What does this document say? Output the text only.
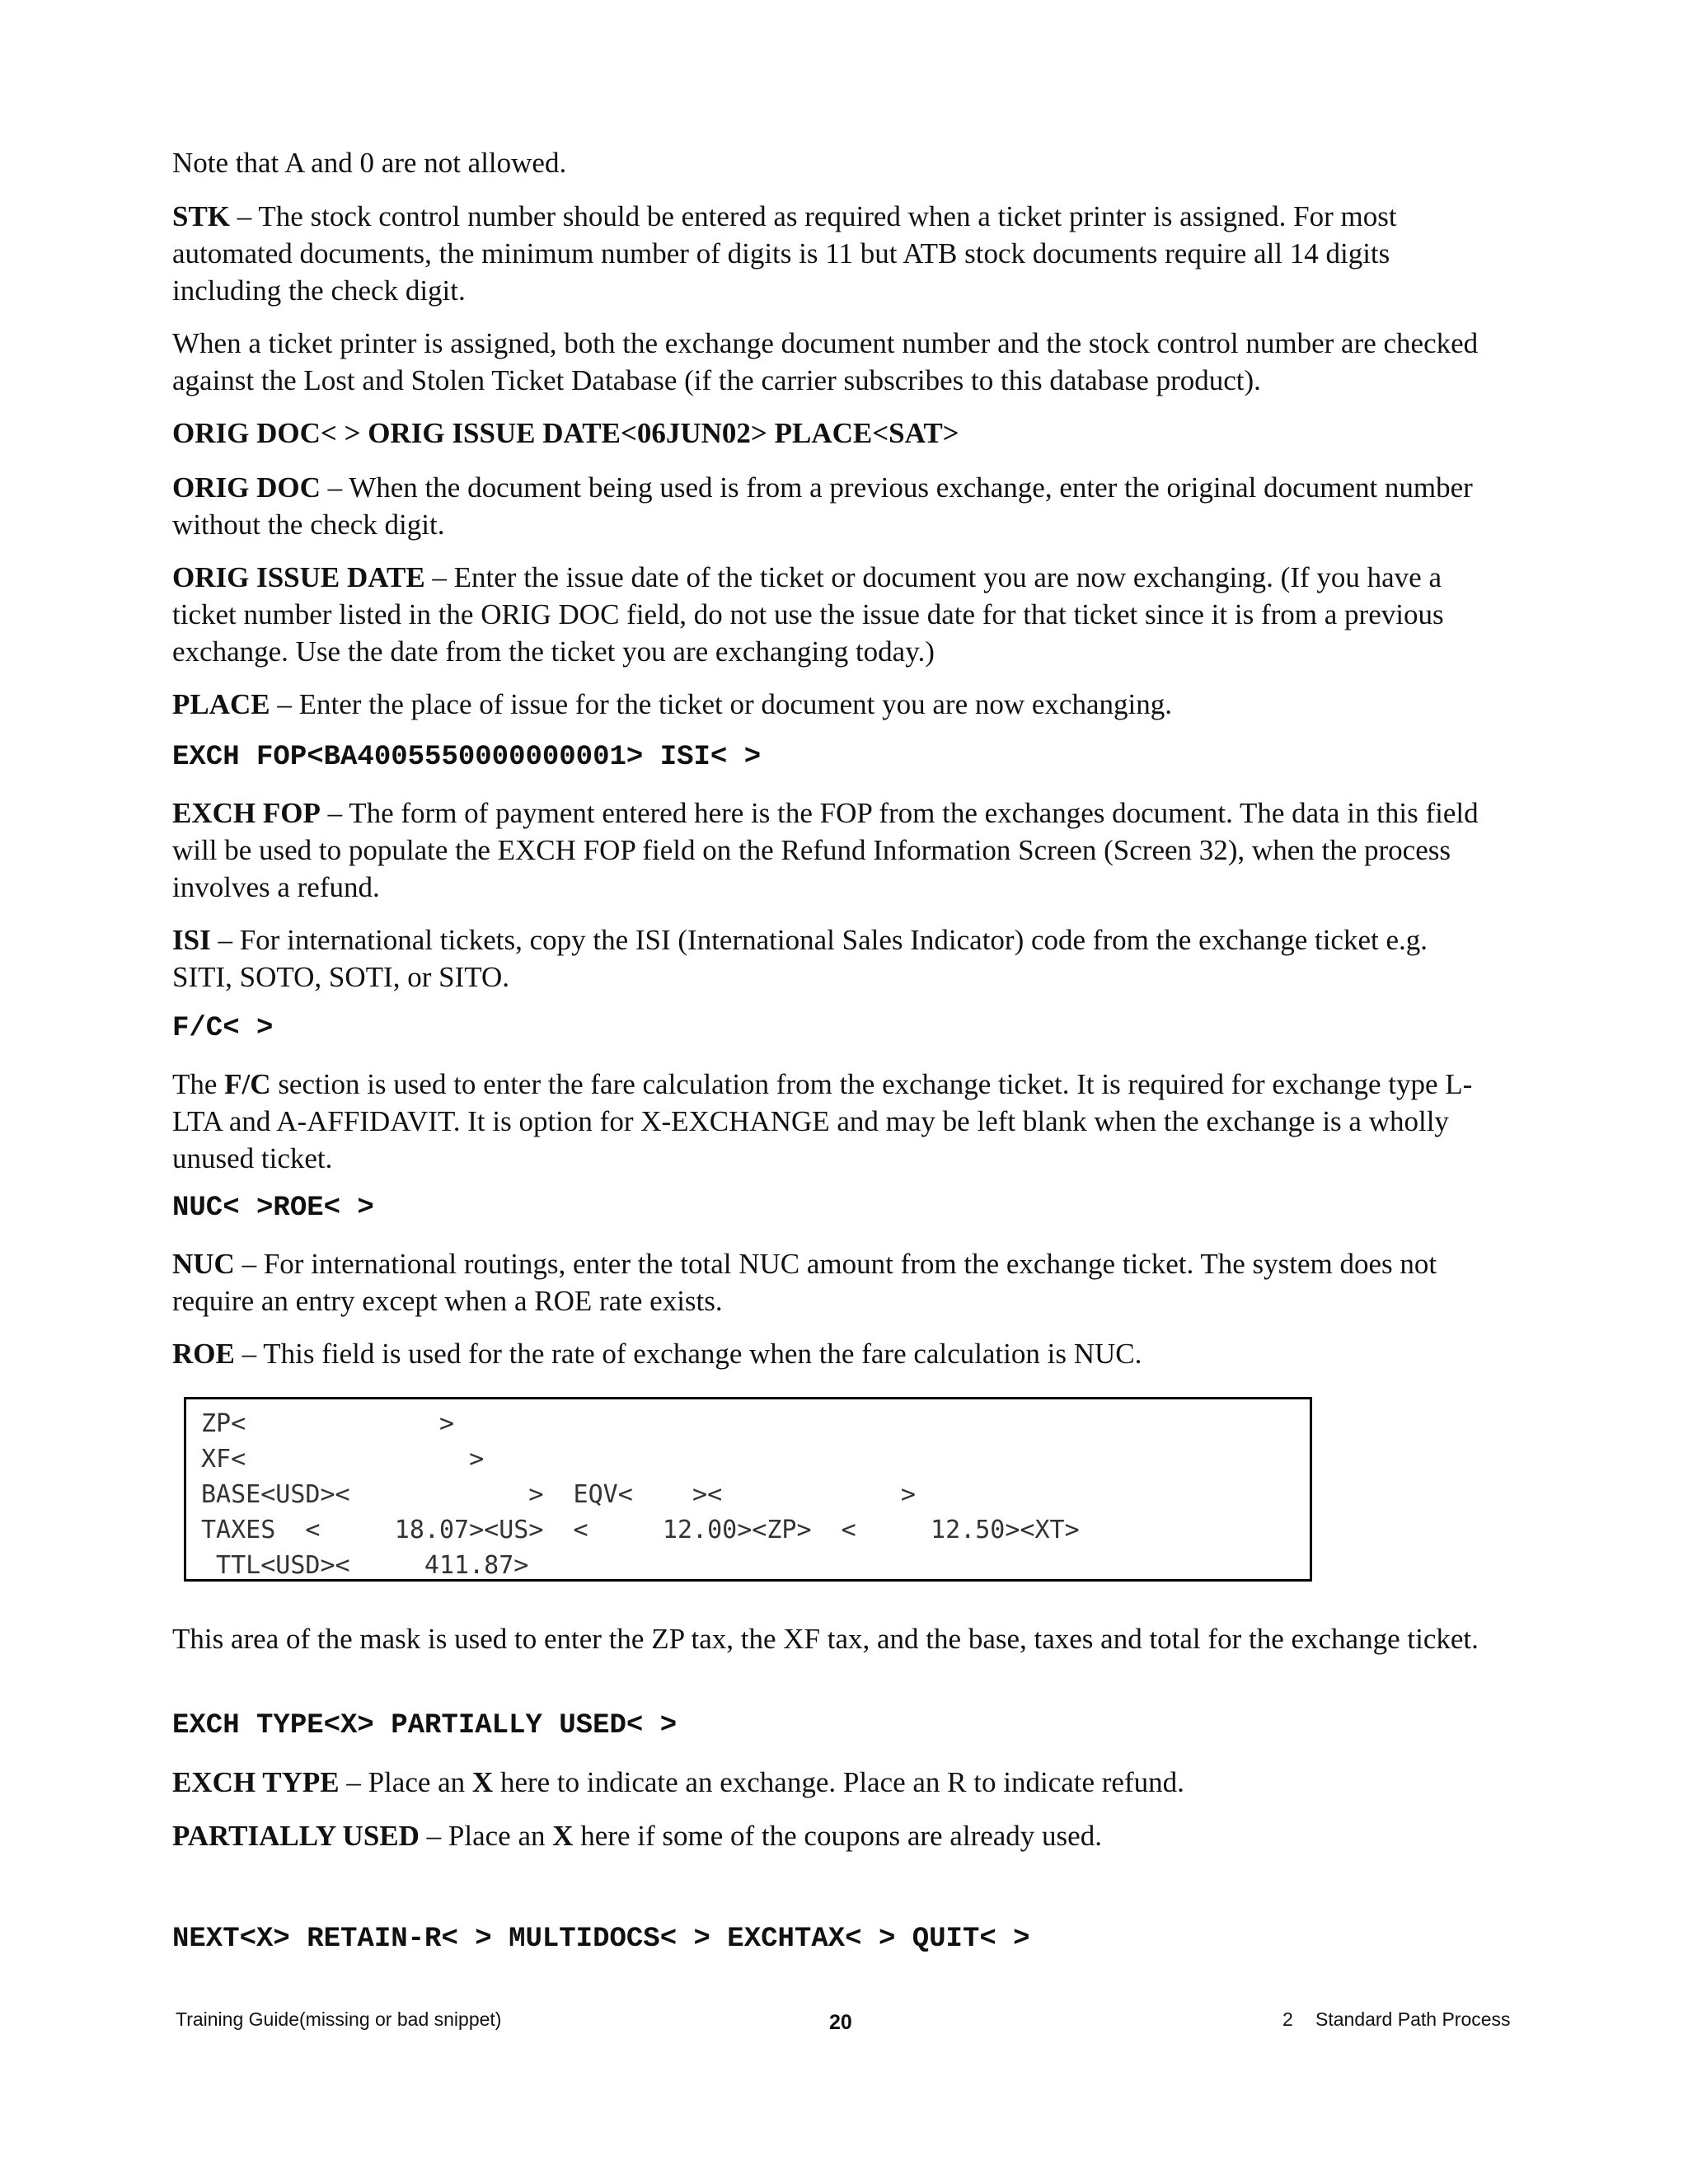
Note that A and 0 are not allowed.

STK – The stock control number should be entered as required when a ticket printer is assigned. For most automated documents, the minimum number of digits is 11 but ATB stock documents require all 14 digits including the check digit.

When a ticket printer is assigned, both the exchange document number and the stock control number are checked against the Lost and Stolen Ticket Database (if the carrier subscribes to this database product).

ORIG DOC< > ORIG ISSUE DATE<06JUN02> PLACE<SAT>

ORIG DOC – When the document being used is from a previous exchange, enter the original document number without the check digit.

ORIG ISSUE DATE – Enter the issue date of the ticket or document you are now exchanging. (If you have a ticket number listed in the ORIG DOC field, do not use the issue date for that ticket since it is from a previous exchange. Use the date from the ticket you are exchanging today.)

PLACE – Enter the place of issue for the ticket or document you are now exchanging.

EXCH FOP<BA4005550000000001> ISI< >

EXCH FOP – The form of payment entered here is the FOP from the exchanges document. The data in this field will be used to populate the EXCH FOP field on the Refund Information Screen (Screen 32), when the process involves a refund.

ISI – For international tickets, copy the ISI (International Sales Indicator) code from the exchange ticket e.g. SITI, SOTO, SOTI, or SITO.

F/C< >

The F/C section is used to enter the fare calculation from the exchange ticket. It is required for exchange type L-LTA and A-AFFIDAVIT. It is option for X-EXCHANGE and may be left blank when the exchange is a wholly unused ticket.

NUC< >ROE< >

NUC – For international routings, enter the total NUC amount from the exchange ticket. The system does not require an entry except when a ROE rate exists.

ROE – This field is used for the rate of exchange when the fare calculation is NUC.

ZP<             >
XF<               >
BASE<USD><            >  EQV<    ><            >
TAXES  <     18.07><US>  <     12.00><ZP>  <     12.50><XT>
TTL<USD><     411.87>

This area of the mask is used to enter the ZP tax, the XF tax, and the base, taxes and total for the exchange ticket.

EXCH TYPE<X> PARTIALLY USED< >

EXCH TYPE – Place an X here to indicate an exchange. Place an R to indicate refund.

PARTIALLY USED – Place an X here if some of the coupons are already used.

NEXT<X> RETAIN-R< > MULTIDOCS< > EXCHTAX< > QUIT< >

Training Guide(missing or bad snippet)	20	2 Standard Path Process
